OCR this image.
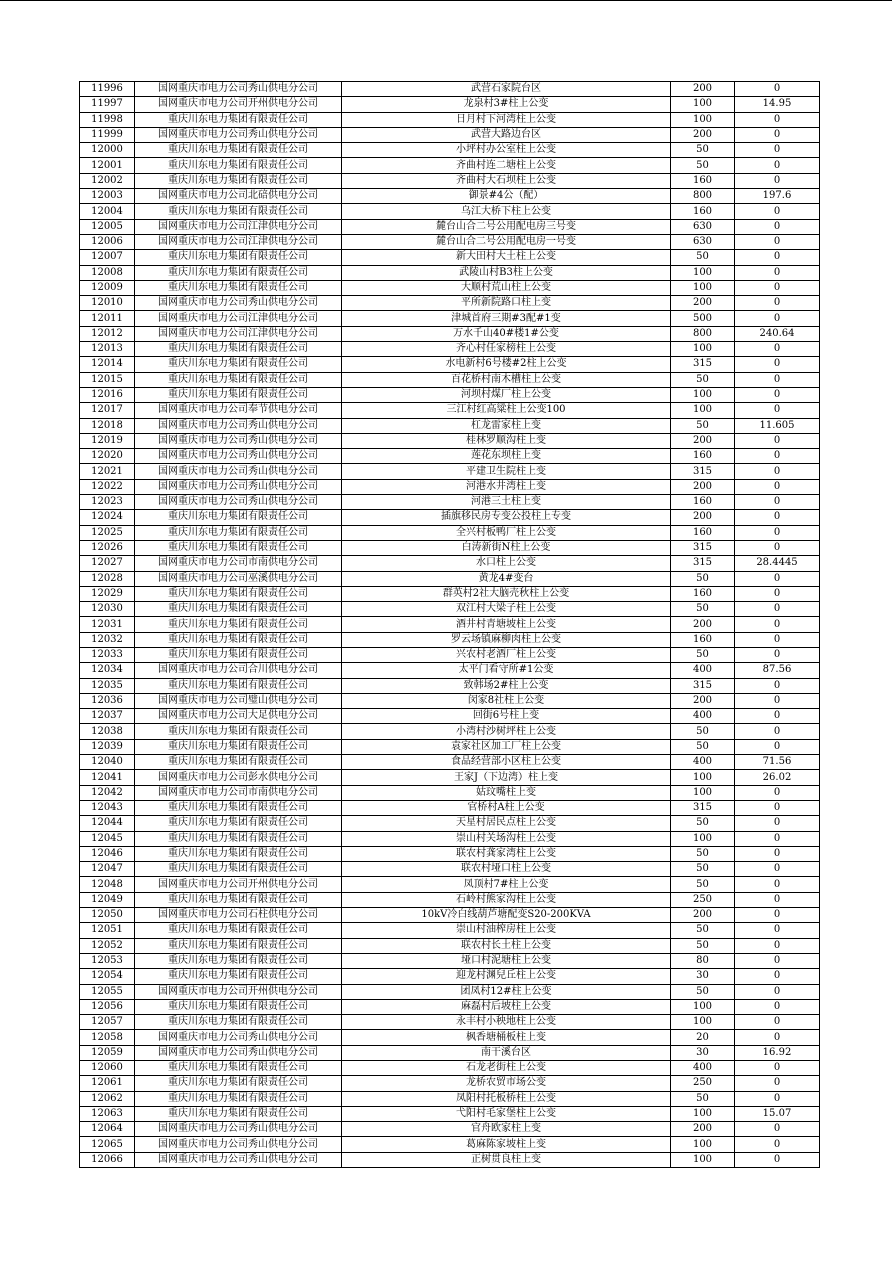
11996	国网重庆市电力公司秀山供电分公司	武营石家院台区	200	0
11997	国网重庆市电力公司开州供电分公司	龙泉村3#柱上公变	100	14.95
11998	重庆川东电力集团有限责任公司	日月村下河湾柱上公变	100	0
11999	国网重庆市电力公司秀山供电分公司	武营大路边台区	200	0
12000	重庆川东电力集团有限责任公司	小坪村办公室柱上公变	50	0
12001	重庆川东电力集团有限责任公司	齐曲村连二塘柱上公变	50	0
12002	重庆川东电力集团有限责任公司	齐曲村大石坝柱上公变	160	0
12003	国网重庆市电力公司北碚供电分公司	御景#4公（配）	800	197.6
12004	重庆川东电力集团有限责任公司	乌江大桥下柱上公变	160	0
12005	国网重庆市电力公司江津供电分公司	麓台山合二号公用配电房三号变	630	0
12006	国网重庆市电力公司江津供电分公司	麓台山合二号公用配电房一号变	630	0
12007	重庆川东电力集团有限责任公司	新大田村大土柱上公变	50	0
12008	重庆川东电力集团有限责任公司	武陵山村B3柱上公变	100	0
12009	重庆川东电力集团有限责任公司	大顺村荒山柱上公变	100	0
12010	国网重庆市电力公司秀山供电分公司	平所新院路口柱上变	200	0
12011	国网重庆市电力公司江津供电分公司	津城首府三期#3配#1变	500	0
12012	国网重庆市电力公司江津供电分公司	万水千山40#楼1#公变	800	240.64
12013	重庆川东电力集团有限责任公司	齐心村任家榜柱上公变	100	0
12014	重庆川东电力集团有限责任公司	水电新村6号楼#2柱上公变	315	0
12015	重庆川东电力集团有限责任公司	百花桥村南木槽柱上公变	50	0
12016	重庆川东电力集团有限责任公司	河坝村煤厂柱上公变	100	0
12017	国网重庆市电力公司奉节供电分公司	三江村红高粱柱上公变100	100	0
12018	国网重庆市电力公司秀山供电分公司	杠龙雷家柱上变	50	11.605
12019	国网重庆市电力公司秀山供电分公司	桂林罗顺沟柱上变	200	0
12020	国网重庆市电力公司秀山供电分公司	莲花东坝柱上变	160	0
12021	国网重庆市电力公司秀山供电分公司	平建卫生院柱上变	315	0
12022	国网重庆市电力公司秀山供电分公司	河港水井湾柱上变	200	0
12023	国网重庆市电力公司秀山供电分公司	河港三土柱上变	160	0
12024	重庆川东电力集团有限责任公司	插旗移民房专变公投柱上专变	200	0
12025	重庆川东电力集团有限责任公司	全兴村板鸭厂柱上公变	160	0
12026	重庆川东电力集团有限责任公司	白涛新街N柱上公变	315	0
12027	国网重庆市电力公司市南供电分公司	水口柱上公变	315	28.4445
12028	国网重庆市电力公司巫溪供电分公司	黄龙4#变台	50	0
12029	重庆川东电力集团有限责任公司	群英村2社大脑壳秋柱上公变	160	0
12030	重庆川东电力集团有限责任公司	双江村大梁子柱上公变	50	0
12031	重庆川东电力集团有限责任公司	酒井村青塘坡柱上公变	200	0
12032	重庆川东电力集团有限责任公司	罗云场镇麻柳肉柱上公变	160	0
12033	重庆川东电力集团有限责任公司	兴农村老酒厂柱上公变	50	0
12034	国网重庆市电力公司合川供电分公司	太平门看守所#1公变	400	87.56
12035	重庆川东电力集团有限责任公司	致韩场2#柱上公变	315	0
12036	国网重庆市电力公司璧山供电分公司	闵家8社柱上公变	200	0
12037	国网重庆市电力公司大足供电分公司	回街6号柱上变	400	0
12038	重庆川东电力集团有限责任公司	小湾村沙树坪柱上公变	50	0
12039	重庆川东电力集团有限责任公司	袁家社区加工厂柱上公变	50	0
12040	重庆川东电力集团有限责任公司	食品经营部小区柱上公变	400	71.56
12041	国网重庆市电力公司彭水供电分公司	王家J（下边湾）柱上变	100	26.02
12042	国网重庆市电力公司市南供电分公司	姑玟嘴柱上变	100	0
12043	重庆川东电力集团有限责任公司	官桥村A柱上公变	315	0
12044	重庆川东电力集团有限责任公司	天星村居民点柱上公变	50	0
12045	重庆川东电力集团有限责任公司	崇山村关场沟柱上公变	100	0
12046	重庆川东电力集团有限责任公司	联农村龚家湾柱上公变	50	0
12047	重庆川东电力集团有限责任公司	联农村垭口柱上公变	50	0
12048	国网重庆市电力公司开州供电分公司	凤顶村7#柱上公变	50	0
12049	重庆川东电力集团有限责任公司	石岭村熊家沟柱上公变	250	0
12050	国网重庆市电力公司石柱供电分公司	10kV冷白线葫芦塘配变S20-200KVA	200	0
12051	重庆川东电力集团有限责任公司	崇山村油榨房柱上公变	50	0
12052	重庆川东电力集团有限责任公司	联农村长土柱上公变	50	0
12053	重庆川东电力集团有限责任公司	垭口村泥塘柱上公变	80	0
12054	重庆川东电力集团有限责任公司	迎龙村渊兒丘柱上公变	30	0
12055	国网重庆市电力公司开州供电分公司	团凤村12#柱上公变	50	0
12056	重庆川东电力集团有限责任公司	麻磊村后坡柱上公变	100	0
12057	重庆川东电力集团有限责任公司	永丰村小秧地柱上公变	100	0
12058	国网重庆市电力公司秀山供电分公司	枫香塘桶板柱上变	20	0
12059	国网重庆市电力公司秀山供电分公司	南干溪台区	30	16.92
12060	重庆川东电力集团有限责任公司	石龙老街柱上公变	400	0
12061	重庆川东电力集团有限责任公司	龙桥农贸市场公变	250	0
12062	重庆川东电力集团有限责任公司	凤阳村托板桥柱上公变	50	0
12063	重庆川东电力集团有限责任公司	弋阳村毛家堡柱上公变	100	15.07
12064	国网重庆市电力公司秀山供电分公司	官舟欧家柱上变	200	0
12065	国网重庆市电力公司秀山供电分公司	葛麻陈家坡柱上变	100	0
12066	国网重庆市电力公司秀山供电分公司	正树贯良柱上变	100	0
